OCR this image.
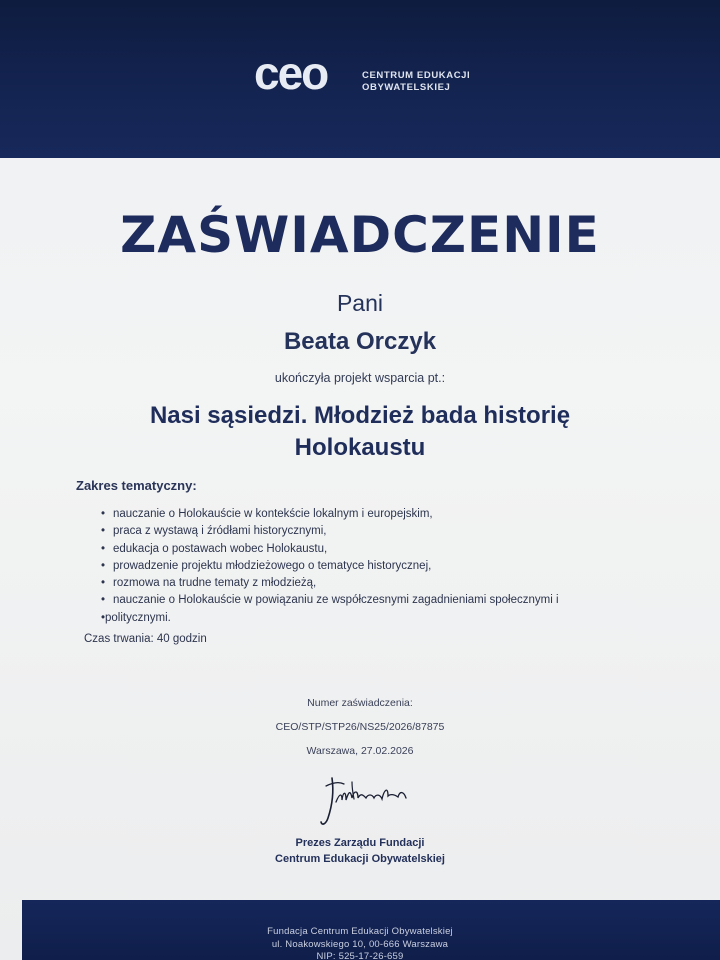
ceo	CENTRUM EDUKACJI
OBYWATELSKIEJ
ZAŚWIADCZENIE
Pani
Beata Orczyk
ukończyła projekt wsparcia pt.:
Nasi sąsiedzi. Młodzież bada historię
Holokaustu
Zakres tematyczny:
• nauczanie o Holokauście w kontekście lokalnym i europejskim,
• praca z wystawą i źródłami historycznymi,
• edukacja o postawach wobec Holokaustu,
• prowadzenie projektu młodzieżowego o tematyce historycznej,
• rozmowa na trudne tematy z młodzieżą,
• nauczanie o Holokauście w powiązaniu ze współczesnymi zagadnieniami społecznymi i
• politycznymi.
Czas trwania: 40 godzin
Numer zaświadczenia:
CEO/STP/STP26/NS25/2026/87875
Warszawa, 27.02.2026
Prezes Zarządu Fundacji
Centrum Edukacji Obywatelskiej
Fundacja Centrum Edukacji Obywatelskiej
ul. Noakowskiego 10, 00-666 Warszawa
NIP: 525-17-26-659
